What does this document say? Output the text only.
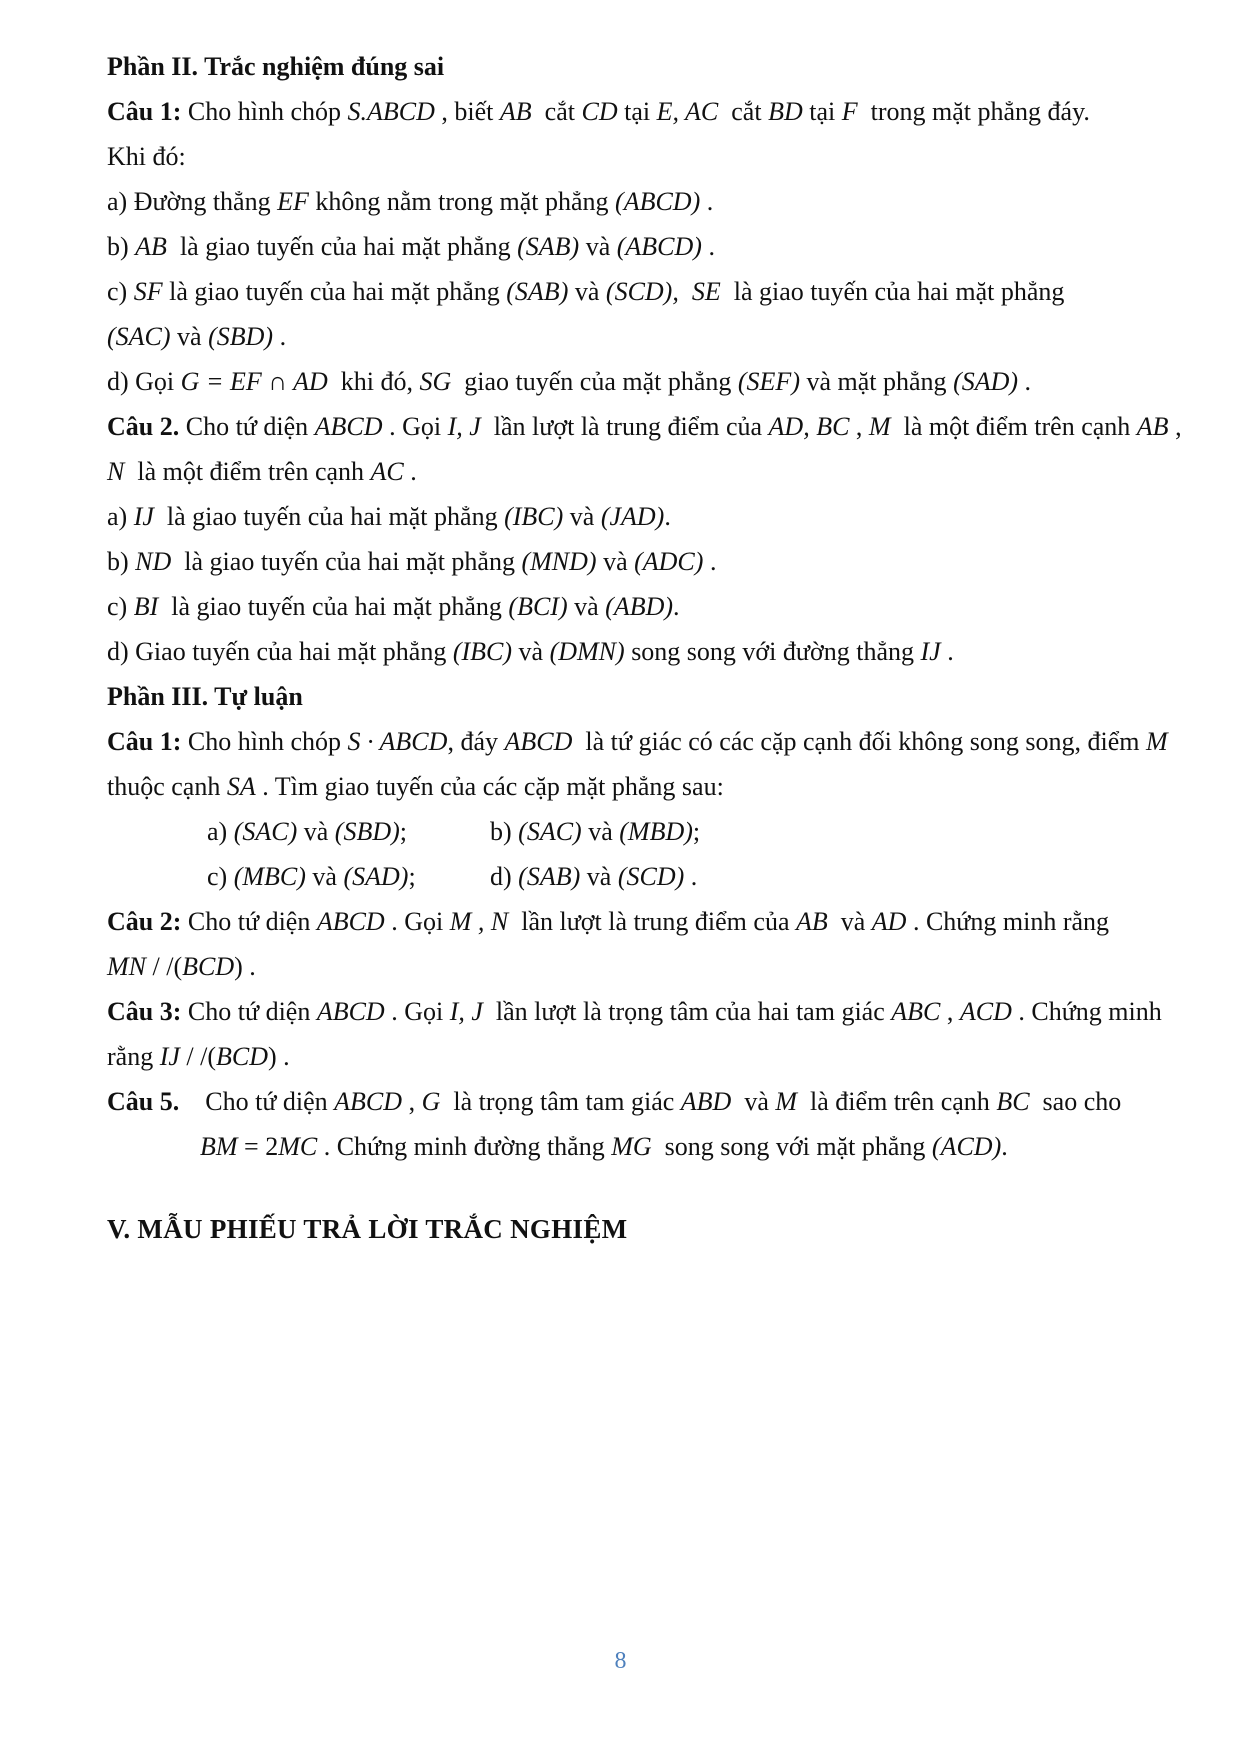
Phần II. Trắc nghiệm đúng sai
Câu 1: Cho hình chóp S.ABCD , biết AB cắt CD tại E, AC cắt BD tại F trong mặt phẳng đáy.
Khi đó:
a) Đường thẳng EF không nằm trong mặt phẳng (ABCD) .
b) AB là giao tuyến của hai mặt phẳng (SAB) và (ABCD) .
c) SF là giao tuyến của hai mặt phẳng (SAB) và (SCD),
SE là giao tuyến của hai mặt phẳng
(SAC) và (SBD) .
d) Gọi G = EF ∩ AD khi đó, SG giao tuyến của mặt phẳng (SEF) và mặt phẳng (SAD) .
Câu 2. Cho tứ diện ABCD . Gọi I, J lần lượt là trung điểm của AD, BC , M là một điểm trên cạnh AB ,
N là một điểm trên cạnh AC .
a) IJ là giao tuyến của hai mặt phẳng (IBC) và (JAD) .
b) ND là giao tuyến của hai mặt phẳng (MND) và (ADC) .
c) BI là giao tuyến của hai mặt phẳng (BCI) và (ABD) .
d) Giao tuyến của hai mặt phẳng (IBC) và (DMN) song song với đường thẳng IJ .
Phần III. Tự luận
Câu 1: Cho hình chóp S · ABCD , đáy ABCD là tứ giác có các cặp cạnh đối không song song, điểm M
thuộc cạnh SA . Tìm giao tuyến của các cặp mặt phẳng sau:
a) (SAC) và (SBD);	b) (SAC) và (MBD);
c) (MBC) và (SAD);	d) (SAB) và (SCD) .
Câu 2: Cho tứ diện ABCD . Gọi M , N lần lượt là trung điểm của AB và AD . Chứng minh rằng
MN / /( BCD ) .
Câu 3: Cho tứ diện ABCD . Gọi I, J lần lượt là trọng tâm của hai tam giác ABC , ACD . Chứng minh
rằng IJ / /( BCD ) .
Câu 5. Cho tứ diện ABCD , G là trọng tâm tam giác ABD và M là điểm trên cạnh BC sao cho
BM = 2 MC . Chứng minh đường thẳng MG song song với mặt phẳng (ACD) .
V. MẪU PHIẾU TRẢ LỜI TRẮC NGHIỆM
8
